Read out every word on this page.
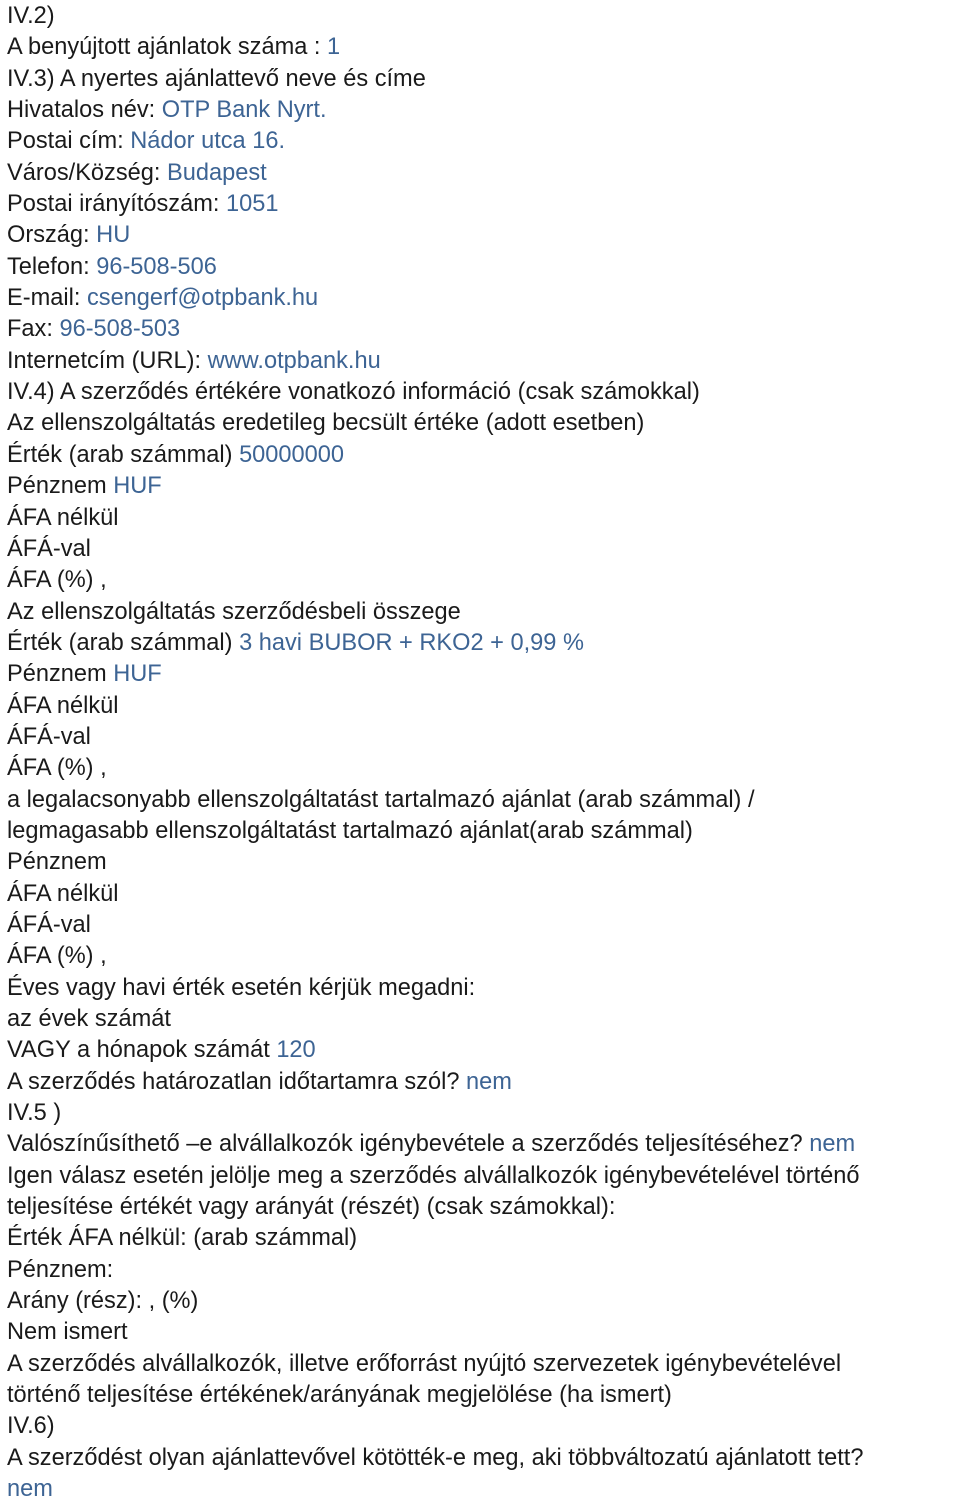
IV.2)
A benyújtott ajánlatok száma : 1
IV.3) A nyertes ajánlattevő neve és címe
Hivatalos név: OTP Bank Nyrt.
Postai cím: Nádor utca 16.
Város/Község: Budapest
Postai irányítószám: 1051
Ország: HU
Telefon: 96-508-506
E-mail: csengerf@otpbank.hu
Fax: 96-508-503
Internetcím (URL): www.otpbank.hu
IV.4) A szerződés értékére vonatkozó információ (csak számokkal)
Az ellenszolgáltatás eredetileg becsült értéke (adott esetben)
Érték (arab számmal) 50000000
Pénznem HUF
ÁFA nélkül
ÁFÁ-val
ÁFA (%) ,
Az ellenszolgáltatás szerződésbeli összege
Érték (arab számmal) 3 havi BUBOR + RKO2 + 0,99 %
Pénznem HUF
ÁFA nélkül
ÁFÁ-val
ÁFA (%) ,
a legalacsonyabb ellenszolgáltatást tartalmazó ajánlat (arab számmal) /
legmagasabb ellenszolgáltatást tartalmazó ajánlat(arab számmal)
Pénznem
ÁFA nélkül
ÁFÁ-val
ÁFA (%) ,
Éves vagy havi érték esetén kérjük megadni:
az évek számát
VAGY a hónapok számát 120
A szerződés határozatlan időtartamra szól? nem
IV.5 )
Valószínűsíthető –e alvállalkozók igénybevétele a szerződés teljesítéséhez? nem
Igen válasz esetén jelölje meg a szerződés alvállalkozók igénybevételével történő
teljesítése értékét vagy arányát (részét) (csak számokkal):
Érték ÁFA nélkül: (arab számmal)
Pénznem:
Arány (rész): , (%)
Nem ismert
A szerződés alvállalkozók, illetve erőforrást nyújtó szervezetek igénybevételével
történő teljesítése értékének/arányának megjelölése (ha ismert)
IV.6)
A szerződést olyan ajánlattevővel kötötték-e meg, aki többváltozatú ajánlatott tett?
nem
